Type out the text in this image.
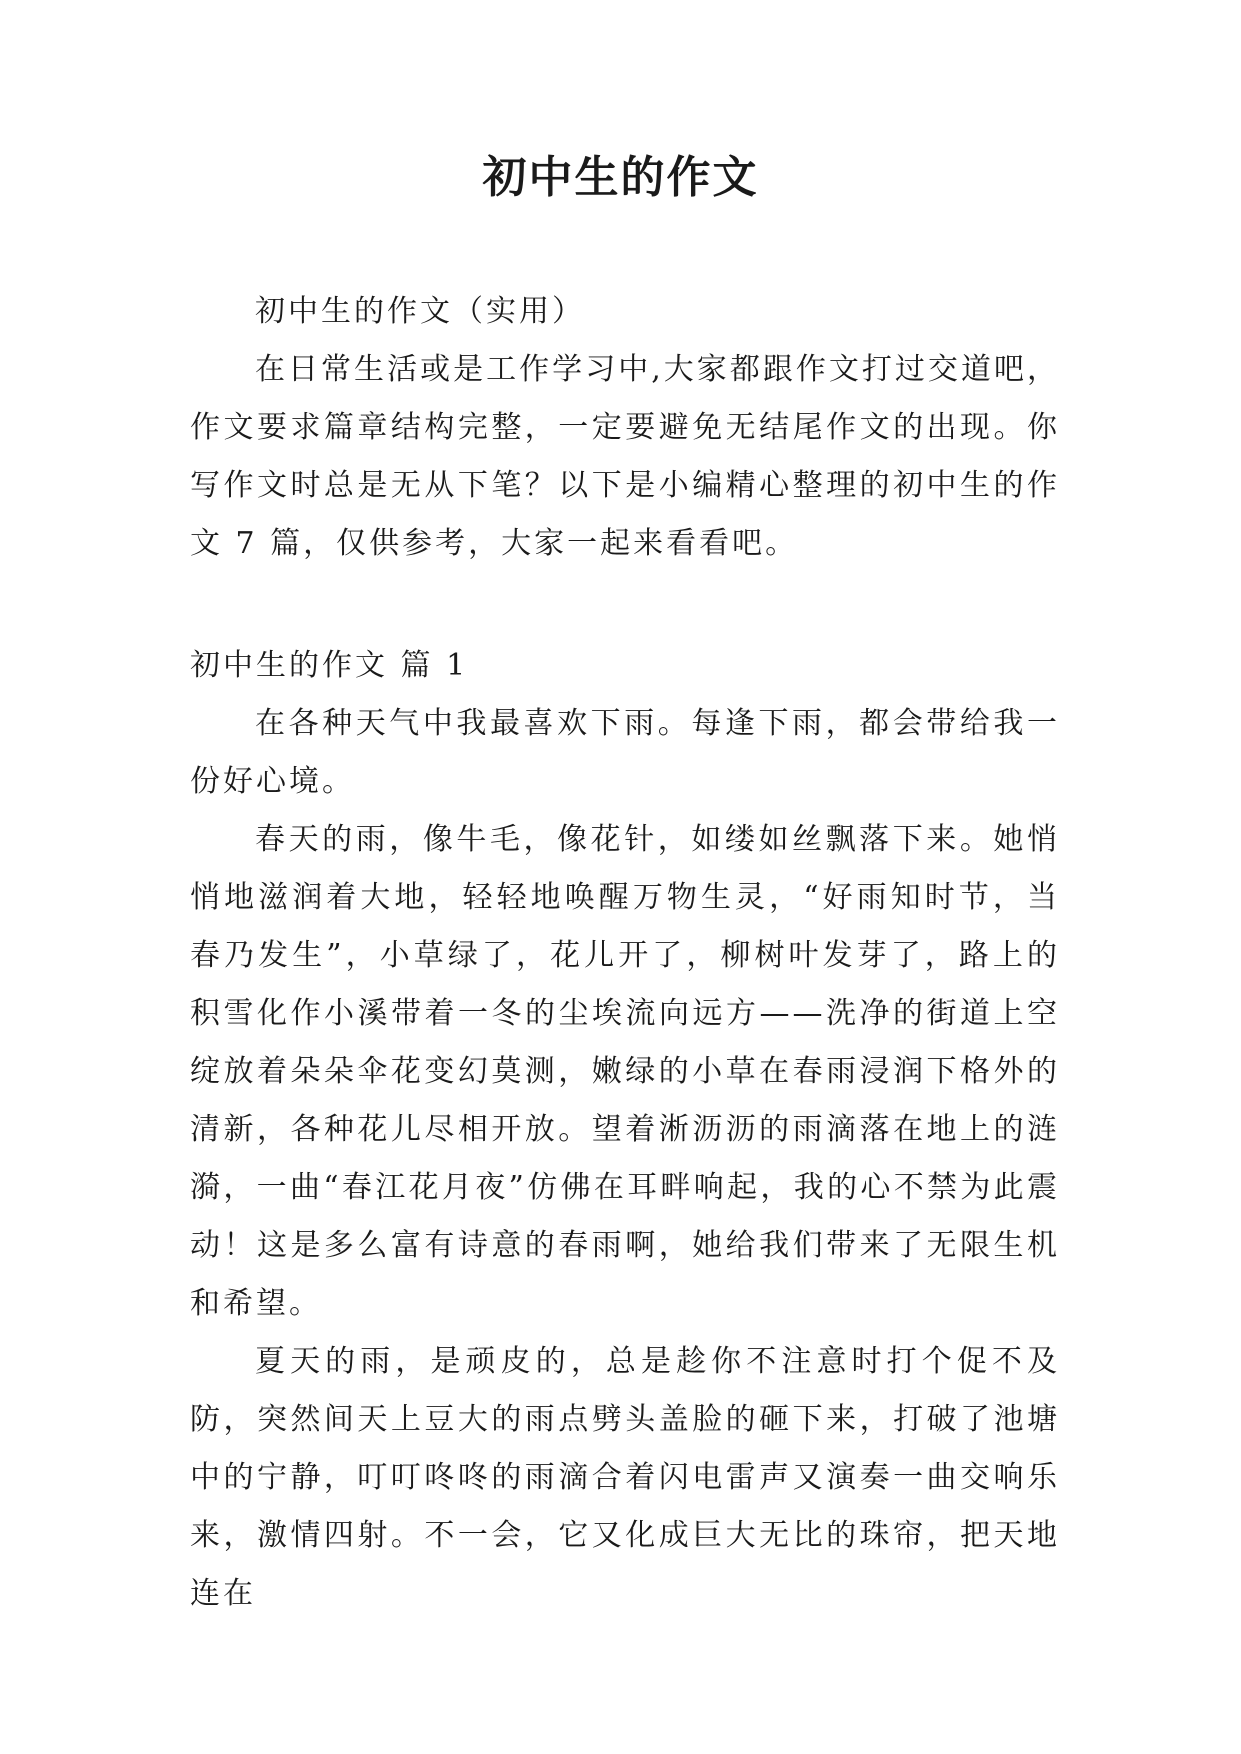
初中生的作文

初中生的作文（实用）

在日常生活或是工作学习中,大家都跟作文打过交道吧，作文要求篇章结构完整，一定要避免无结尾作文的出现。你写作文时总是无从下笔？以下是小编精心整理的初中生的作文 7 篇，仅供参考，大家一起来看看吧。

初中生的作文 篇 1

在各种天气中我最喜欢下雨。每逢下雨，都会带给我一份好心境。

春天的雨，像牛毛，像花针，如缕如丝飘落下来。她悄悄地滋润着大地，轻轻地唤醒万物生灵，“好雨知时节，当春乃发生”，小草绿了，花儿开了，柳树叶发芽了，路上的积雪化作小溪带着一冬的尘埃流向远方——洗净的街道上空绽放着朵朵伞花变幻莫测，嫩绿的小草在春雨浸润下格外的清新，各种花儿尽相开放。望着淅沥沥的雨滴落在地上的涟漪，一曲“春江花月夜”仿佛在耳畔响起，我的心不禁为此震动！这是多么富有诗意的春雨啊，她给我们带来了无限生机和希望。

夏天的雨，是顽皮的，总是趁你不注意时打个促不及防，突然间天上豆大的雨点劈头盖脸的砸下来，打破了池塘中的宁静，叮叮咚咚的雨滴合着闪电雷声又演奏一曲交响乐来，激情四射。不一会，它又化成巨大无比的珠帘，把天地连在
